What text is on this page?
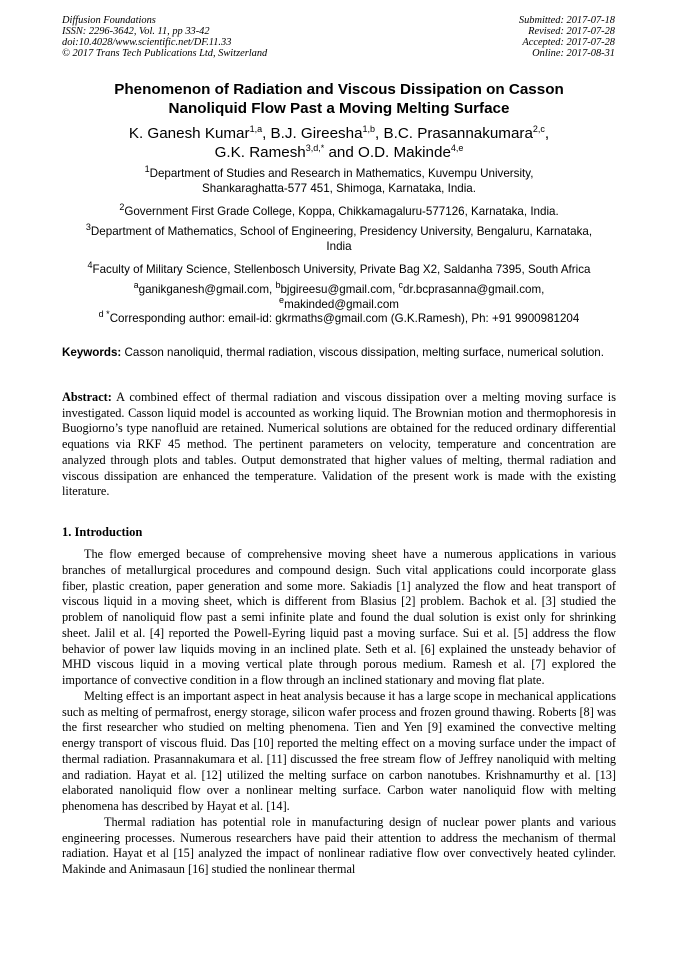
Diffusion Foundations
ISSN: 2296-3642, Vol. 11, pp 33-42
doi:10.4028/www.scientific.net/DF.11.33
© 2017 Trans Tech Publications Ltd, Switzerland
Submitted: 2017-07-18
Revised: 2017-07-28
Accepted: 2017-07-28
Online: 2017-08-31
Phenomenon of Radiation and Viscous Dissipation on Casson
Nanoliquid Flow Past a Moving Melting Surface
K. Ganesh Kumar$^{1,a}$, B.J. Gireesha$^{1,b}$, B.C. Prasannakumara$^{2,c}$,
G.K. Ramesh$^{3,d,*}$ and O.D. Makinde$^{4,e}$
$^1$Department of Studies and Research in Mathematics, Kuvempu University,
Shankaraghatta-577 451, Shimoga, Karnataka, India.
$^2$Government First Grade College, Koppa, Chikkamagaluru-577126, Karnataka, India.
$^3$Department of Mathematics, School of Engineering, Presidency University, Bengaluru, Karnataka,
India
$^4$Faculty of Military Science, Stellenbosch University, Private Bag X2, Saldanha 7395, South Africa
$^a$ganikganesh@gmail.com, $^b$bjgireesu@gmail.com, $^c$dr.bcprasanna@gmail.com,
$^e$makinded@gmail.com
$^{d *}$Corresponding author: email-id: gkrmaths@gmail.com (G.K.Ramesh), Ph: +91 9900981204
Keywords: Casson nanoliquid, thermal radiation, viscous dissipation, melting surface, numerical solution.
Abstract: A combined effect of thermal radiation and viscous dissipation over a melting moving surface is investigated. Casson liquid model is accounted as working liquid. The Brownian motion and thermophoresis in Buogiorno’s type nanofluid are retained. Numerical solutions are obtained for the reduced ordinary differential equations via RKF 45 method. The pertinent parameters on velocity, temperature and concentration are analyzed through plots and tables. Output demonstrated that higher values of melting, thermal radiation and viscous dissipation are enhanced the temperature. Validation of the present work is made with the existing literature.
1. Introduction

The flow emerged because of comprehensive moving sheet have a numerous applications in various branches of metallurgical procedures and compound design. Such vital applications could incorporate glass fiber, plastic creation, paper generation and some more. Sakiadis [1] analyzed the flow and heat transport of viscous liquid in a moving sheet, which is different from Blasius [2] problem. Bachok et al. [3] studied the problem of nanoliquid flow past a semi infinite plate and found the dual solution is exist only for shrinking sheet. Jalil et al. [4] reported the Powell-Eyring liquid past a moving surface. Sui et al. [5] address the flow behavior of power law liquids moving in an inclined plate. Seth et al. [6] explained the unsteady behavior of MHD viscous liquid in a moving vertical plate through porous medium. Ramesh et al. [7] explored the importance of convective condition in a flow through an inclined stationary and moving flat plate.

Melting effect is an important aspect in heat analysis because it has a large scope in mechanical applications such as melting of permafrost, energy storage, silicon wafer process and frozen ground thawing. Roberts [8] was the first researcher who studied on melting phenomena. Tien and Yen [9] examined the convective melting energy transport of viscous fluid. Das [10] reported the melting effect on a moving surface under the impact of thermal radiation. Prasannakumara et al. [11] discussed the free stream flow of Jeffrey nanoliquid with melting and radiation. Hayat et al. [12] utilized the melting surface on carbon nanotubes. Krishnamurthy et al. [13] elaborated nanoliquid flow over a nonlinear melting surface. Carbon water nanoliquid flow with melting phenomena has described by Hayat et al. [14].

Thermal radiation has potential role in manufacturing design of nuclear power plants and various engineering processes. Numerous researchers have paid their attention to address the mechanism of thermal radiation. Hayat et al [15] analyzed the impact of nonlinear radiative flow over convectively heated cylinder. Makinde and Animasaun [16] studied the nonlinear thermal
